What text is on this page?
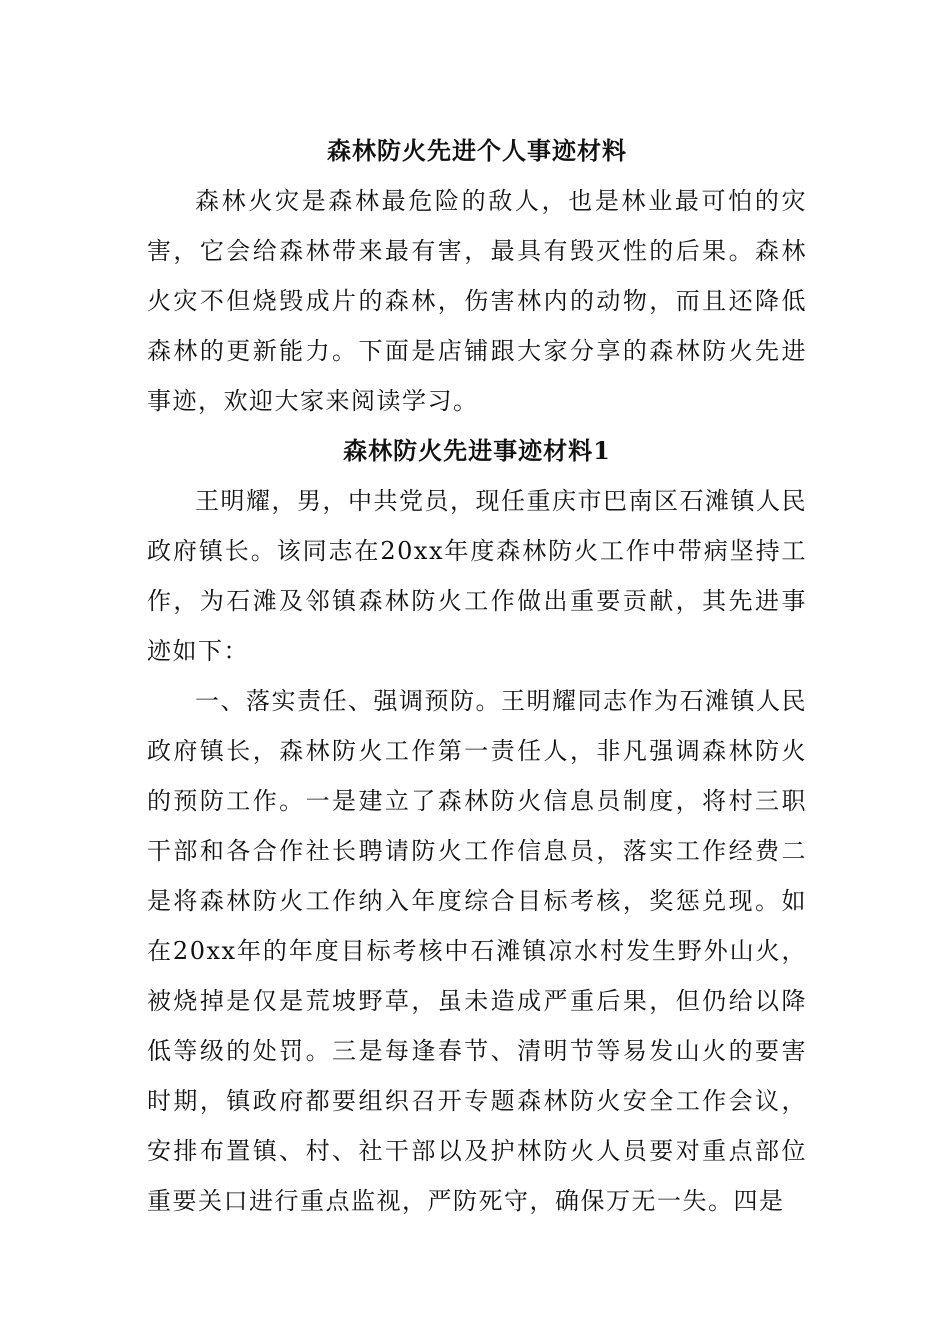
森林防火先进个人事迹材料

森林火灾是森林最危险的敌人，也是林业最可怕的灾害，它会给森林带来最有害，最具有毁灭性的后果。森林火灾不但烧毁成片的森林，伤害林内的动物，而且还降低森林的更新能力。下面是店铺跟大家分享的森林防火先进事迹，欢迎大家来阅读学习。

森林防火先进事迹材料1

王明耀，男，中共党员，现任重庆市巴南区石滩镇人民政府镇长。该同志在20xx年度森林防火工作中带病坚持工作，为石滩及邻镇森林防火工作做出重要贡献，其先进事迹如下：

一、落实责任、强调预防。王明耀同志作为石滩镇人民政府镇长，森林防火工作第一责任人，非凡强调森林防火的预防工作。一是建立了森林防火信息员制度，将村三职干部和各合作社长聘请防火工作信息员，落实工作经费二是将森林防火工作纳入年度综合目标考核，奖惩兑现。如在20xx年的年度目标考核中石滩镇凉水村发生野外山火，被烧掉是仅是荒坡野草，虽未造成严重后果，但仍给以降低等级的处罚。三是每逢春节、清明节等易发山火的要害时期，镇政府都要组织召开专题森林防火安全工作会议，安排布置镇、村、社干部以及护林防火人员要对重点部位重要关口进行重点监视，严防死守，确保万无一失。四是
